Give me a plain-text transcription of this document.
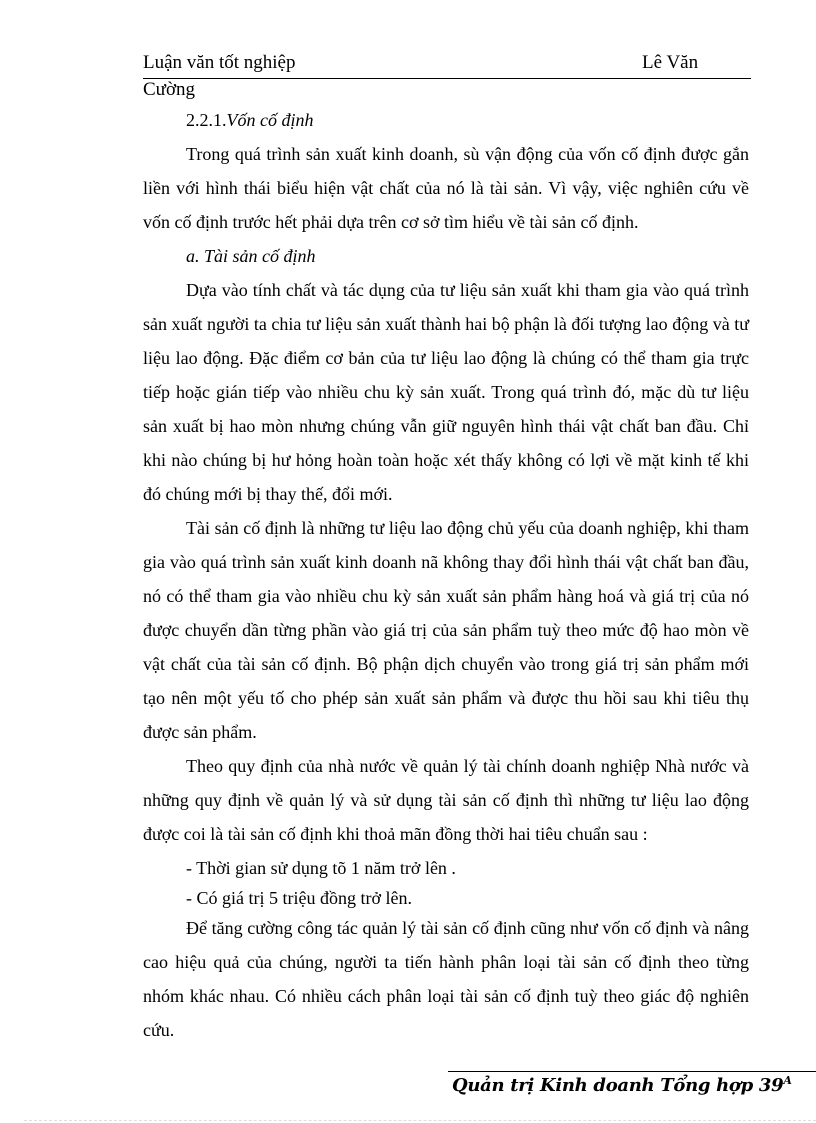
Luận văn tốt nghiệp	Lê Văn
Cường

2.2.1.Vốn cố định

Trong quá trình sản xuất kinh doanh, sù vận động của vốn cố định được gắn liền với hình thái biểu hiện vật chất của nó là tài sản. Vì vậy, việc nghiên cứu về vốn cố định trước hết phải dựa trên cơ sở tìm hiểu về tài sản cố định.

a. Tài sản cố định

Dựa vào tính chất và tác dụng của tư liệu sản xuất khi tham gia vào quá trình sản xuất người ta chia tư liệu sản xuất thành hai bộ phận là đối tượng lao động và tư liệu lao động. Đặc điểm cơ bản của tư liệu lao động là chúng có thể tham gia trực tiếp hoặc gián tiếp vào nhiều chu kỳ sản xuất. Trong quá trình đó, mặc dù tư liệu sản xuất bị hao mòn nhưng chúng vẫn giữ nguyên hình thái vật chất ban đầu. Chỉ khi nào chúng bị hư hỏng hoàn toàn hoặc xét thấy không có lợi về mặt kinh tế khi đó chúng mới bị thay thế, đổi mới.

Tài sản cố định là những tư liệu lao động chủ yếu của doanh nghiệp, khi tham gia vào quá trình sản xuất kinh doanh nã không thay đổi hình thái vật chất ban đầu, nó có thể tham gia vào nhiều chu kỳ sản xuất sản phẩm hàng hoá và giá trị của nó được chuyển dần từng phần vào giá trị của sản phẩm tuỳ theo mức độ hao mòn về vật chất của tài sản cố định. Bộ phận dịch chuyển vào trong giá trị sản phẩm mới tạo nên một yếu tố cho phép sản xuất sản phẩm và được thu hồi sau khi tiêu thụ được sản phẩm.

Theo quy định của nhà nước về quản lý tài chính doanh nghiệp Nhà nước và những quy định về quản lý và sử dụng tài sản cố định thì những tư liệu lao động được coi là tài sản cố định khi thoả mãn đồng thời hai tiêu chuẩn sau :

- Thời gian sử dụng tõ 1 năm trở lên .

- Có giá trị 5 triệu đồng trở lên.

Để tăng cường công tác quản lý tài sản cố định cũng như vốn cố định và nâng cao hiệu quả của chúng, người ta tiến hành phân loại tài sản cố định theo từng nhóm khác nhau. Có nhiều cách phân loại tài sản cố định tuỳ theo giác độ nghiên cứu.

Quản trị Kinh doanh Tổng hợp $39^A$
